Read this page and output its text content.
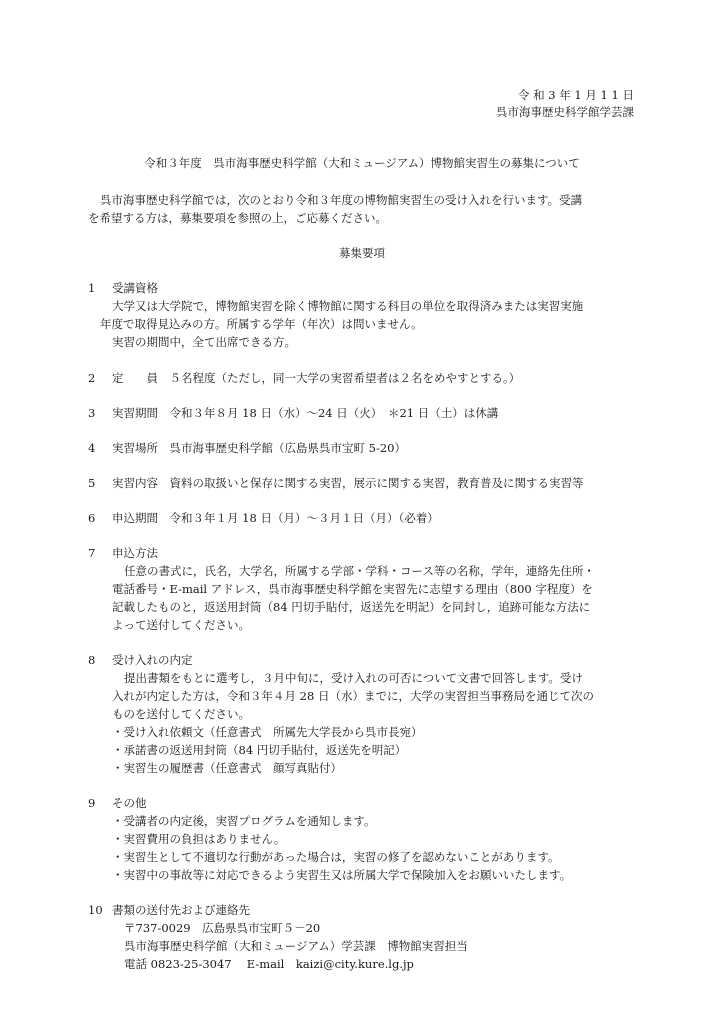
令 和 3 年 1 月 1 1 日
呉市海事歴史科学館学芸課
令和３年度　呉市海事歴史科学館（大和ミュージアム）博物館実習生の募集について
呉市海事歴史科学館では，次のとおり令和３年度の博物館実習生の受け入れを行います。受講
を希望する方は，募集要項を参照の上，ご応募ください。
募集要項
1	受講資格
大学又は大学院で，博物館実習を除く博物館に関する科目の単位を取得済みまたは実習実施
年度で取得見込みの方。所属する学年（年次）は問いません。
実習の期間中，全て出席できる方。
2	定　　員　５名程度（ただし，同一大学の実習希望者は２名をめやすとする。）
3	実習期間　令和３年８月 18 日（水）～24 日（火）　＊21 日（土）は休講
4	実習場所　呉市海事歴史科学館（広島県呉市宝町 5-20）
5	実習内容　資料の取扱いと保存に関する実習，展示に関する実習，教育普及に関する実習等
6	申込期間　令和３年１月 18 日（月）～３月１日（月）（必着）
7	申込方法
任意の書式に，氏名，大学名，所属する学部・学科・コース等の名称，学年，連絡先住所・
電話番号・E-mail アドレス，呉市海事歴史科学館を実習先に志望する理由（800 字程度）を
記載したものと，返送用封筒（84 円切手貼付，返送先を明記）を同封し，追跡可能な方法に
よって送付してください。
8	受け入れの内定
提出書類をもとに選考し，３月中旬に，受け入れの可否について文書で回答します。受け
入れが内定した方は，令和３年４月 28 日（水）までに，大学の実習担当事務局を通じて次の
ものを送付してください。
・受け入れ依頼文（任意書式　所属先大学長から呉市長宛）
・承諾書の返送用封筒（84 円切手貼付，返送先を明記）
・実習生の履歴書（任意書式　顔写真貼付）
9	その他
・受講者の内定後，実習プログラムを通知します。
・実習費用の負担はありません。
・実習生として不適切な行動があった場合は，実習の修了を認めないことがあります。
・実習中の事故等に対応できるよう実習生又は所属大学で保険加入をお願いいたします。
10 書類の送付先および連絡先
〒737-0029　広島県呉市宝町５－20
呉市海事歴史科学館（大和ミュージアム）学芸課　博物館実習担当
電話 0823-25-3047　 E-mail　kaizi@city.kure.lg.jp
